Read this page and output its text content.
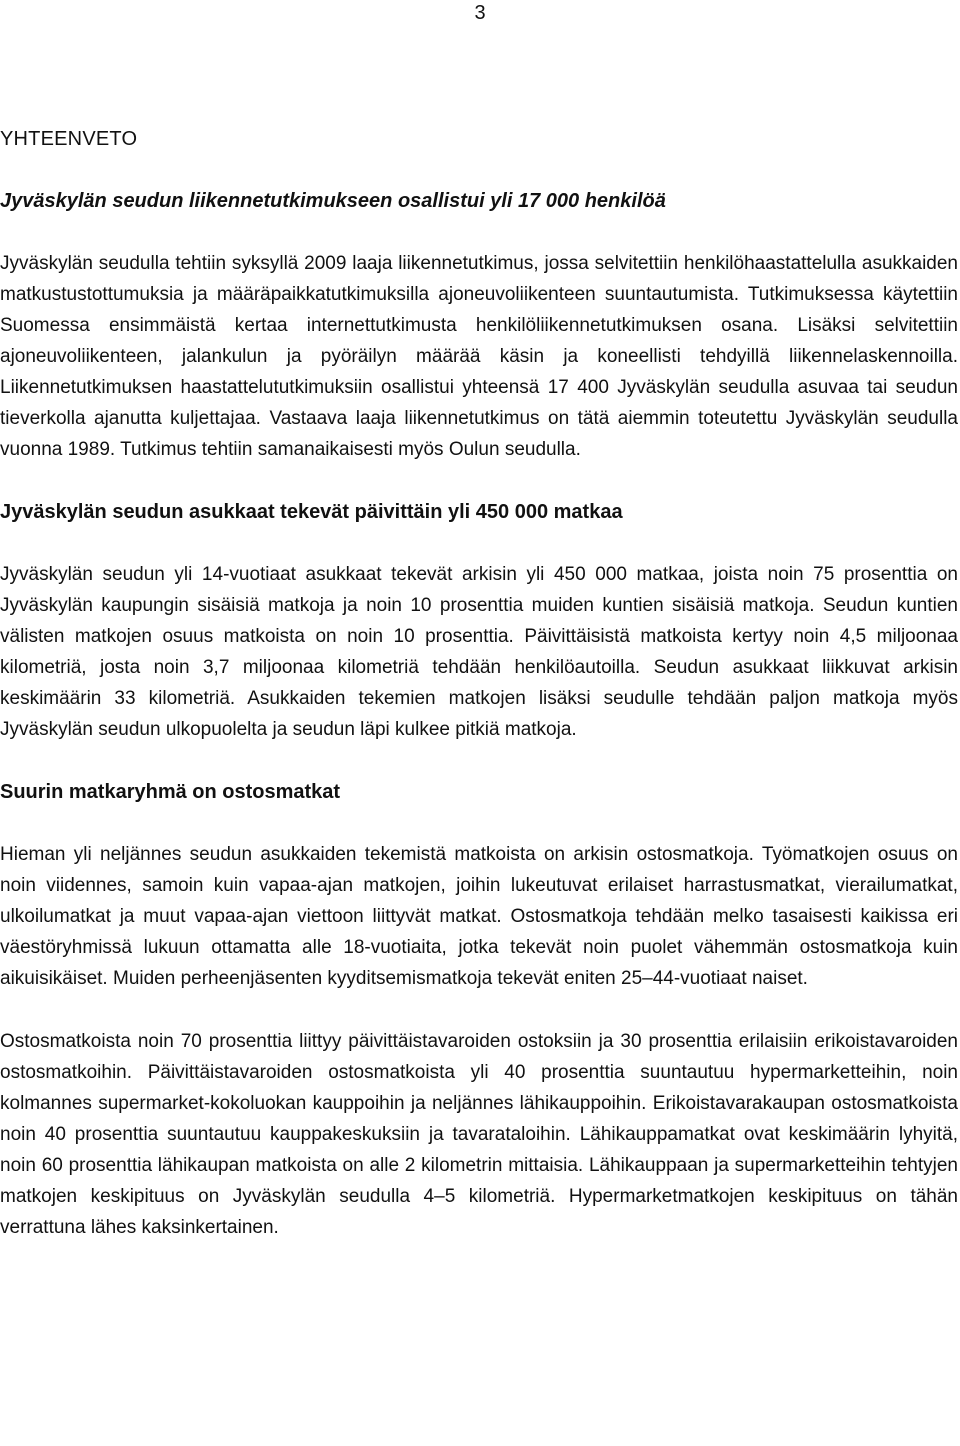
3
YHTEENVETO
Jyväskylän seudun liikennetutkimukseen osallistui yli 17 000 henkilöä

Jyväskylän seudulla tehtiin syksyllä 2009 laaja liikennetutkimus, jossa selvitettiin henkilöhaastattelulla asukkaiden matkustustottumuksia ja määräpaikkatutkimuksilla ajoneuvoliikenteen suuntautumista. Tutkimuksessa käytettiin Suomessa ensimmäistä kertaa internettutkimusta henkilöliikennetutkimuksen osana. Lisäksi selvitettiin ajoneuvoliikenteen, jalankulun ja pyöräilyn määrää käsin ja koneellisti tehdyillä liikennelaskennoilla. Liikennetutkimuksen haastattelututkimuksiin osallistui yhteensä 17 400 Jyväskylän seudulla asuvaa tai seudun tieverkolla ajanutta kuljettajaa. Vastaava laaja liikennetutkimus on tätä aiemmin toteutettu Jyväskylän seudulla vuonna 1989. Tutkimus tehtiin samanaikaisesti myös Oulun seudulla.

Jyväskylän seudun asukkaat tekevät päivittäin yli 450 000 matkaa

Jyväskylän seudun yli 14-vuotiaat asukkaat tekevät arkisin yli 450 000 matkaa, joista noin 75 prosenttia on Jyväskylän kaupungin sisäisiä matkoja ja noin 10 prosenttia muiden kuntien sisäisiä matkoja. Seudun kuntien välisten matkojen osuus matkoista on noin 10 prosenttia. Päivittäisistä matkoista kertyy noin 4,5 miljoonaa kilometriä, josta noin 3,7 miljoonaa kilometriä tehdään henkilöautoilla. Seudun asukkaat liikkuvat arkisin keskimäärin 33 kilometriä. Asukkaiden tekemien matkojen lisäksi seudulle tehdään paljon matkoja myös Jyväskylän seudun ulkopuolelta ja seudun läpi kulkee pitkiä matkoja.

Suurin matkaryhmä on ostosmatkat

Hieman yli neljännes seudun asukkaiden tekemistä matkoista on arkisin ostosmatkoja. Työmatkojen osuus on noin viidennes, samoin kuin vapaa-ajan matkojen, joihin lukeutuvat erilaiset harrastusmatkat, vierailumatkat, ulkoilumatkat ja muut vapaa-ajan viettoon liittyvät matkat. Ostosmatkoja tehdään melko tasaisesti kaikissa eri väestöryhmissä lukuun ottamatta alle 18-vuotiaita, jotka tekevät noin puolet vähemmän ostosmatkoja kuin aikuisikäiset. Muiden perheenjäsenten kyyditsemismatkoja tekevät eniten 25–44-vuotiaat naiset.

Ostosmatkoista noin 70 prosenttia liittyy päivittäistavaroiden ostoksiin ja 30 prosenttia erilaisiin erikoistavaroiden ostosmatkoihin. Päivittäistavaroiden ostosmatkoista yli 40 prosenttia suuntautuu hypermarketteihin, noin kolmannes supermarket-kokoluokan kauppoihin ja neljännes lähikauppoihin. Erikoistavarakaupan ostosmatkoista noin 40 prosenttia suuntautuu kauppakeskuksiin ja tavarataloihin. Lähikauppamatkat ovat keskimäärin lyhyitä, noin 60 prosenttia lähikaupan matkoista on alle 2 kilometrin mittaisia. Lähikauppaan ja supermarketteihin tehtyjen matkojen keskipituus on Jyväskylän seudulla 4–5 kilometriä. Hypermarketmatkojen keskipituus on tähän verrattuna lähes kaksinkertainen.
